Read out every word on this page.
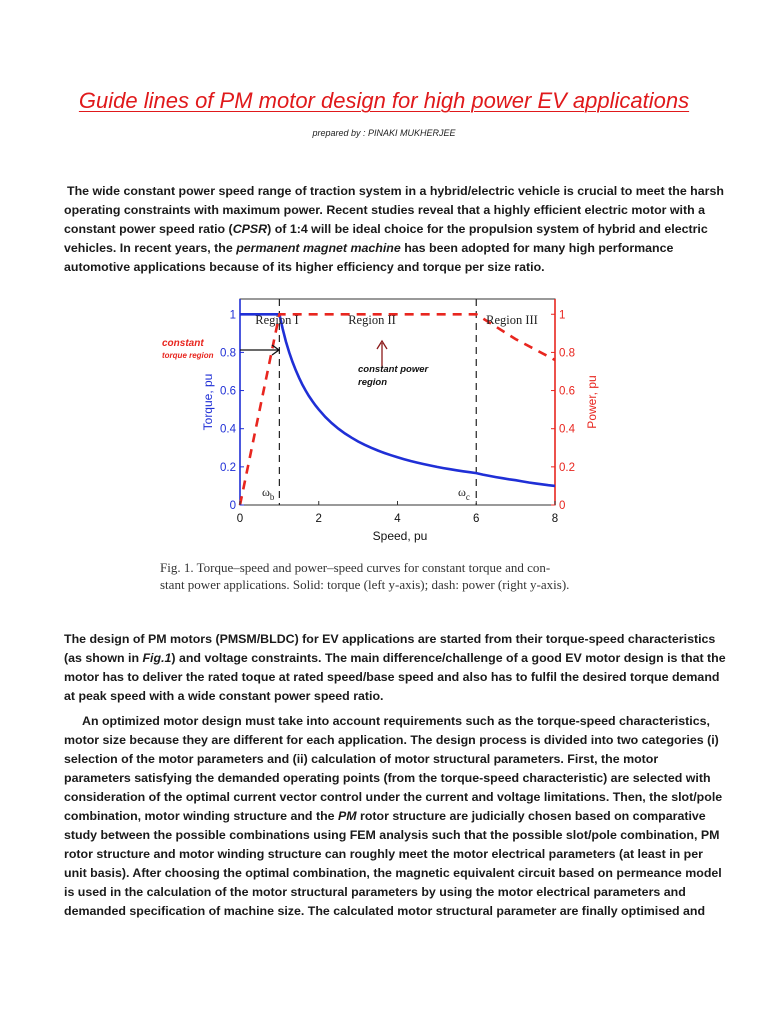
Guide lines of PM motor design for high power EV applications
prepared by : PINAKI MUKHERJEE

The wide constant power speed range of traction system in a hybrid/electric vehicle is crucial to meet the harsh operating constraints with maximum power. Recent studies reveal that a highly efficient electric motor with a constant power speed ratio (CPSR) of 1:4 will be ideal choice for the propulsion system of hybrid and electric vehicles. In recent years, the permanent magnet machine has been adopted for many high performance automotive applications because of its higher efficiency and torque per size ratio.

Region I	Region II	Region III
$\omega_b$	$\omega_c$
constant
torque region
constant power
region
0	2	4	6	8
0
0.2
0.4
0.6
0.8
1
0
0.2
0.4
0.6
0.8
1
Speed, pu
Torque, pu	Power, pu
Fig. 1. Torque–speed and power–speed curves for constant torque and con-
stant power applications. Solid: torque (left y-axis); dash: power (right y-axis).

The design of PM motors (PMSM/BLDC) for EV applications are started from their torque-speed characteristics (as shown in Fig.1) and voltage constraints. The main difference/challenge of a good EV motor design is that the motor has to deliver the rated toque at rated speed/base speed and also has to fulfil the desired torque demand at peak speed with a wide constant power speed ratio.

An optimized motor design must take into account requirements such as the torque-speed characteristics, motor size because they are different for each application. The design process is divided into two categories (i) selection of the motor parameters and (ii) calculation of motor structural parameters. First, the motor parameters satisfying the demanded operating points (from the torque-speed characteristic) are selected with consideration of the optimal current vector control under the current and voltage limitations. Then, the slot/pole combination, motor winding structure and the PM rotor structure are judicially chosen based on comparative study between the possible combinations using FEM analysis such that the possible slot/pole combination, PM rotor structure and motor winding structure can roughly meet the motor electrical parameters (at least in per unit basis). After choosing the optimal combination, the magnetic equivalent circuit based on permeance model is used in the calculation of the motor structural parameters by using the motor electrical parameters and demanded specification of machine size. The calculated motor structural parameter are finally optimised and
